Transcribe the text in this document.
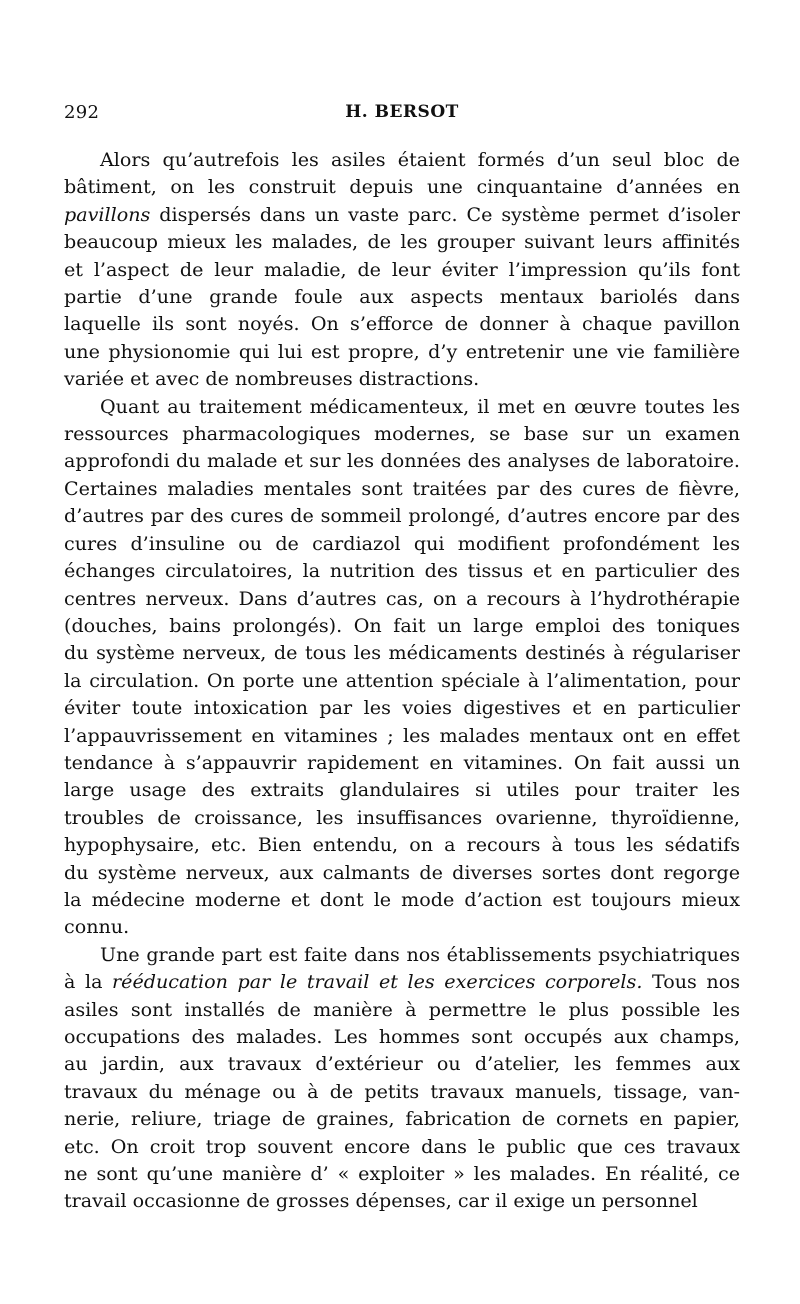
292	H. BERSOT
Alors qu’autrefois les asiles étaient formés d’un seul bloc de
bâtiment, on les construit depuis une cinquantaine d’années en
pavillons dispersés dans un vaste parc. Ce système permet d’isoler
beaucoup mieux les malades, de les grouper suivant leurs affinités
et l’aspect de leur maladie, de leur éviter l’impression qu’ils font
partie d’une grande foule aux aspects mentaux bariolés dans
laquelle ils sont noyés. On s’efforce de donner à chaque pavillon
une physionomie qui lui est propre, d’y entretenir une vie familière
variée et avec de nombreuses distractions.
Quant au traitement médicamenteux, il met en œuvre toutes les
ressources pharmacologiques modernes, se base sur un examen
approfondi du malade et sur les données des analyses de laboratoire.
Certaines maladies mentales sont traitées par des cures de fièvre,
d’autres par des cures de sommeil prolongé, d’autres encore par des
cures d’insuline ou de cardiazol qui modifient profondément les
échanges circulatoires, la nutrition des tissus et en particulier des
centres nerveux. Dans d’autres cas, on a recours à l’hydrothérapie
(douches, bains prolongés). On fait un large emploi des toniques
du système nerveux, de tous les médicaments destinés à régulariser
la circulation. On porte une attention spéciale à l’alimentation, pour
éviter toute intoxication par les voies digestives et en particulier
l’appauvrissement en vitamines ; les malades mentaux ont en effet
tendance à s’appauvrir rapidement en vitamines. On fait aussi un
large usage des extraits glandulaires si utiles pour traiter les
troubles de croissance, les insuffisances ovarienne, thyroïdienne,
hypophysaire, etc. Bien entendu, on a recours à tous les sédatifs
du système nerveux, aux calmants de diverses sortes dont regorge
la médecine moderne et dont le mode d’action est toujours mieux
connu.
Une grande part est faite dans nos établissements psychiatriques
à la rééducation par le travail et les exercices corporels. Tous nos
asiles sont installés de manière à permettre le plus possible les
occupations des malades. Les hommes sont occupés aux champs,
au jardin, aux travaux d’extérieur ou d’atelier, les femmes aux
travaux du ménage ou à de petits travaux manuels, tissage, van-
nerie, reliure, triage de graines, fabrication de cornets en papier,
etc. On croit trop souvent encore dans le public que ces travaux
ne sont qu’une manière d’ « exploiter » les malades. En réalité, ce
travail occasionne de grosses dépenses, car il exige un personnel
